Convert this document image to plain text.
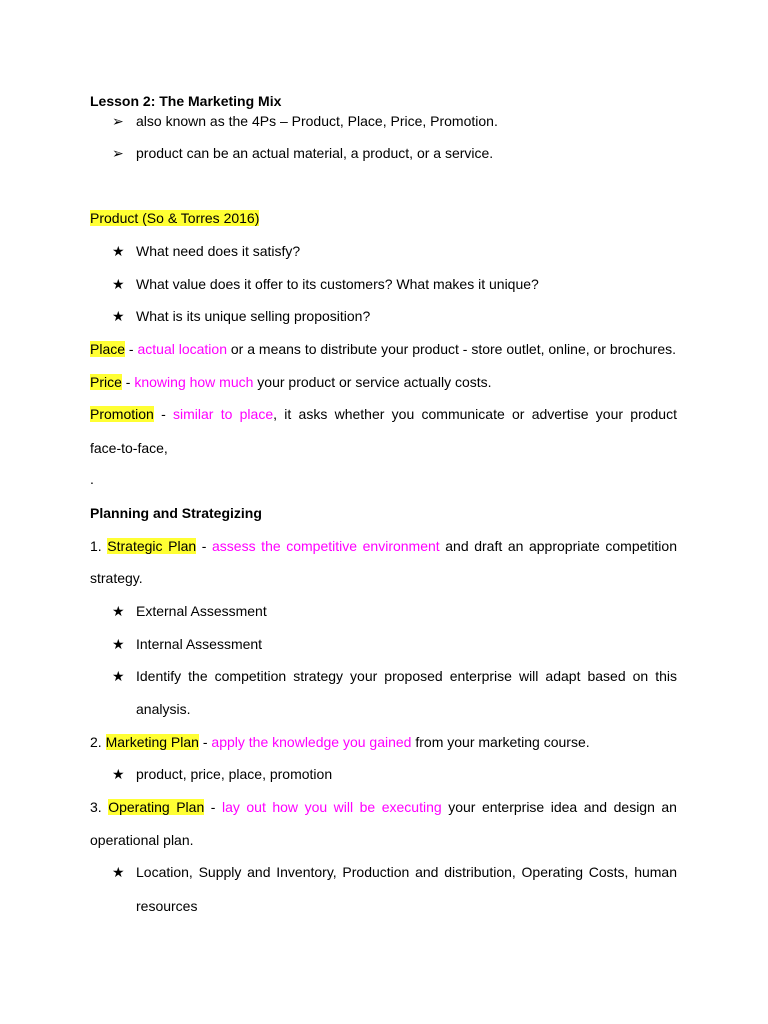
Lesson 2: The Marketing Mix
➢ also known as the 4Ps – Product, Place, Price, Promotion.
➢ product can be an actual material, a product, or a service.
Product (So & Torres 2016)
★ What need does it satisfy?
★ What value does it offer to its customers? What makes it unique?
★ What is its unique selling proposition?
Place - actual location or a means to distribute your product - store outlet, online, or brochures.
Price - knowing how much your product or service actually costs.
Promotion - similar to place, it asks whether you communicate or advertise your product
face-to-face,
.
Planning and Strategizing
1. Strategic Plan - assess the competitive environment and draft an appropriate competition
strategy.
★ External Assessment
★ Internal Assessment
★ Identify the competition strategy your proposed enterprise will adapt based on this
analysis.
2. Marketing Plan - apply the knowledge you gained from your marketing course.
★ product, price, place, promotion
3. Operating Plan - lay out how you will be executing your enterprise idea and design an
operational plan.
★ Location, Supply and Inventory, Production and distribution, Operating Costs, human
resources
